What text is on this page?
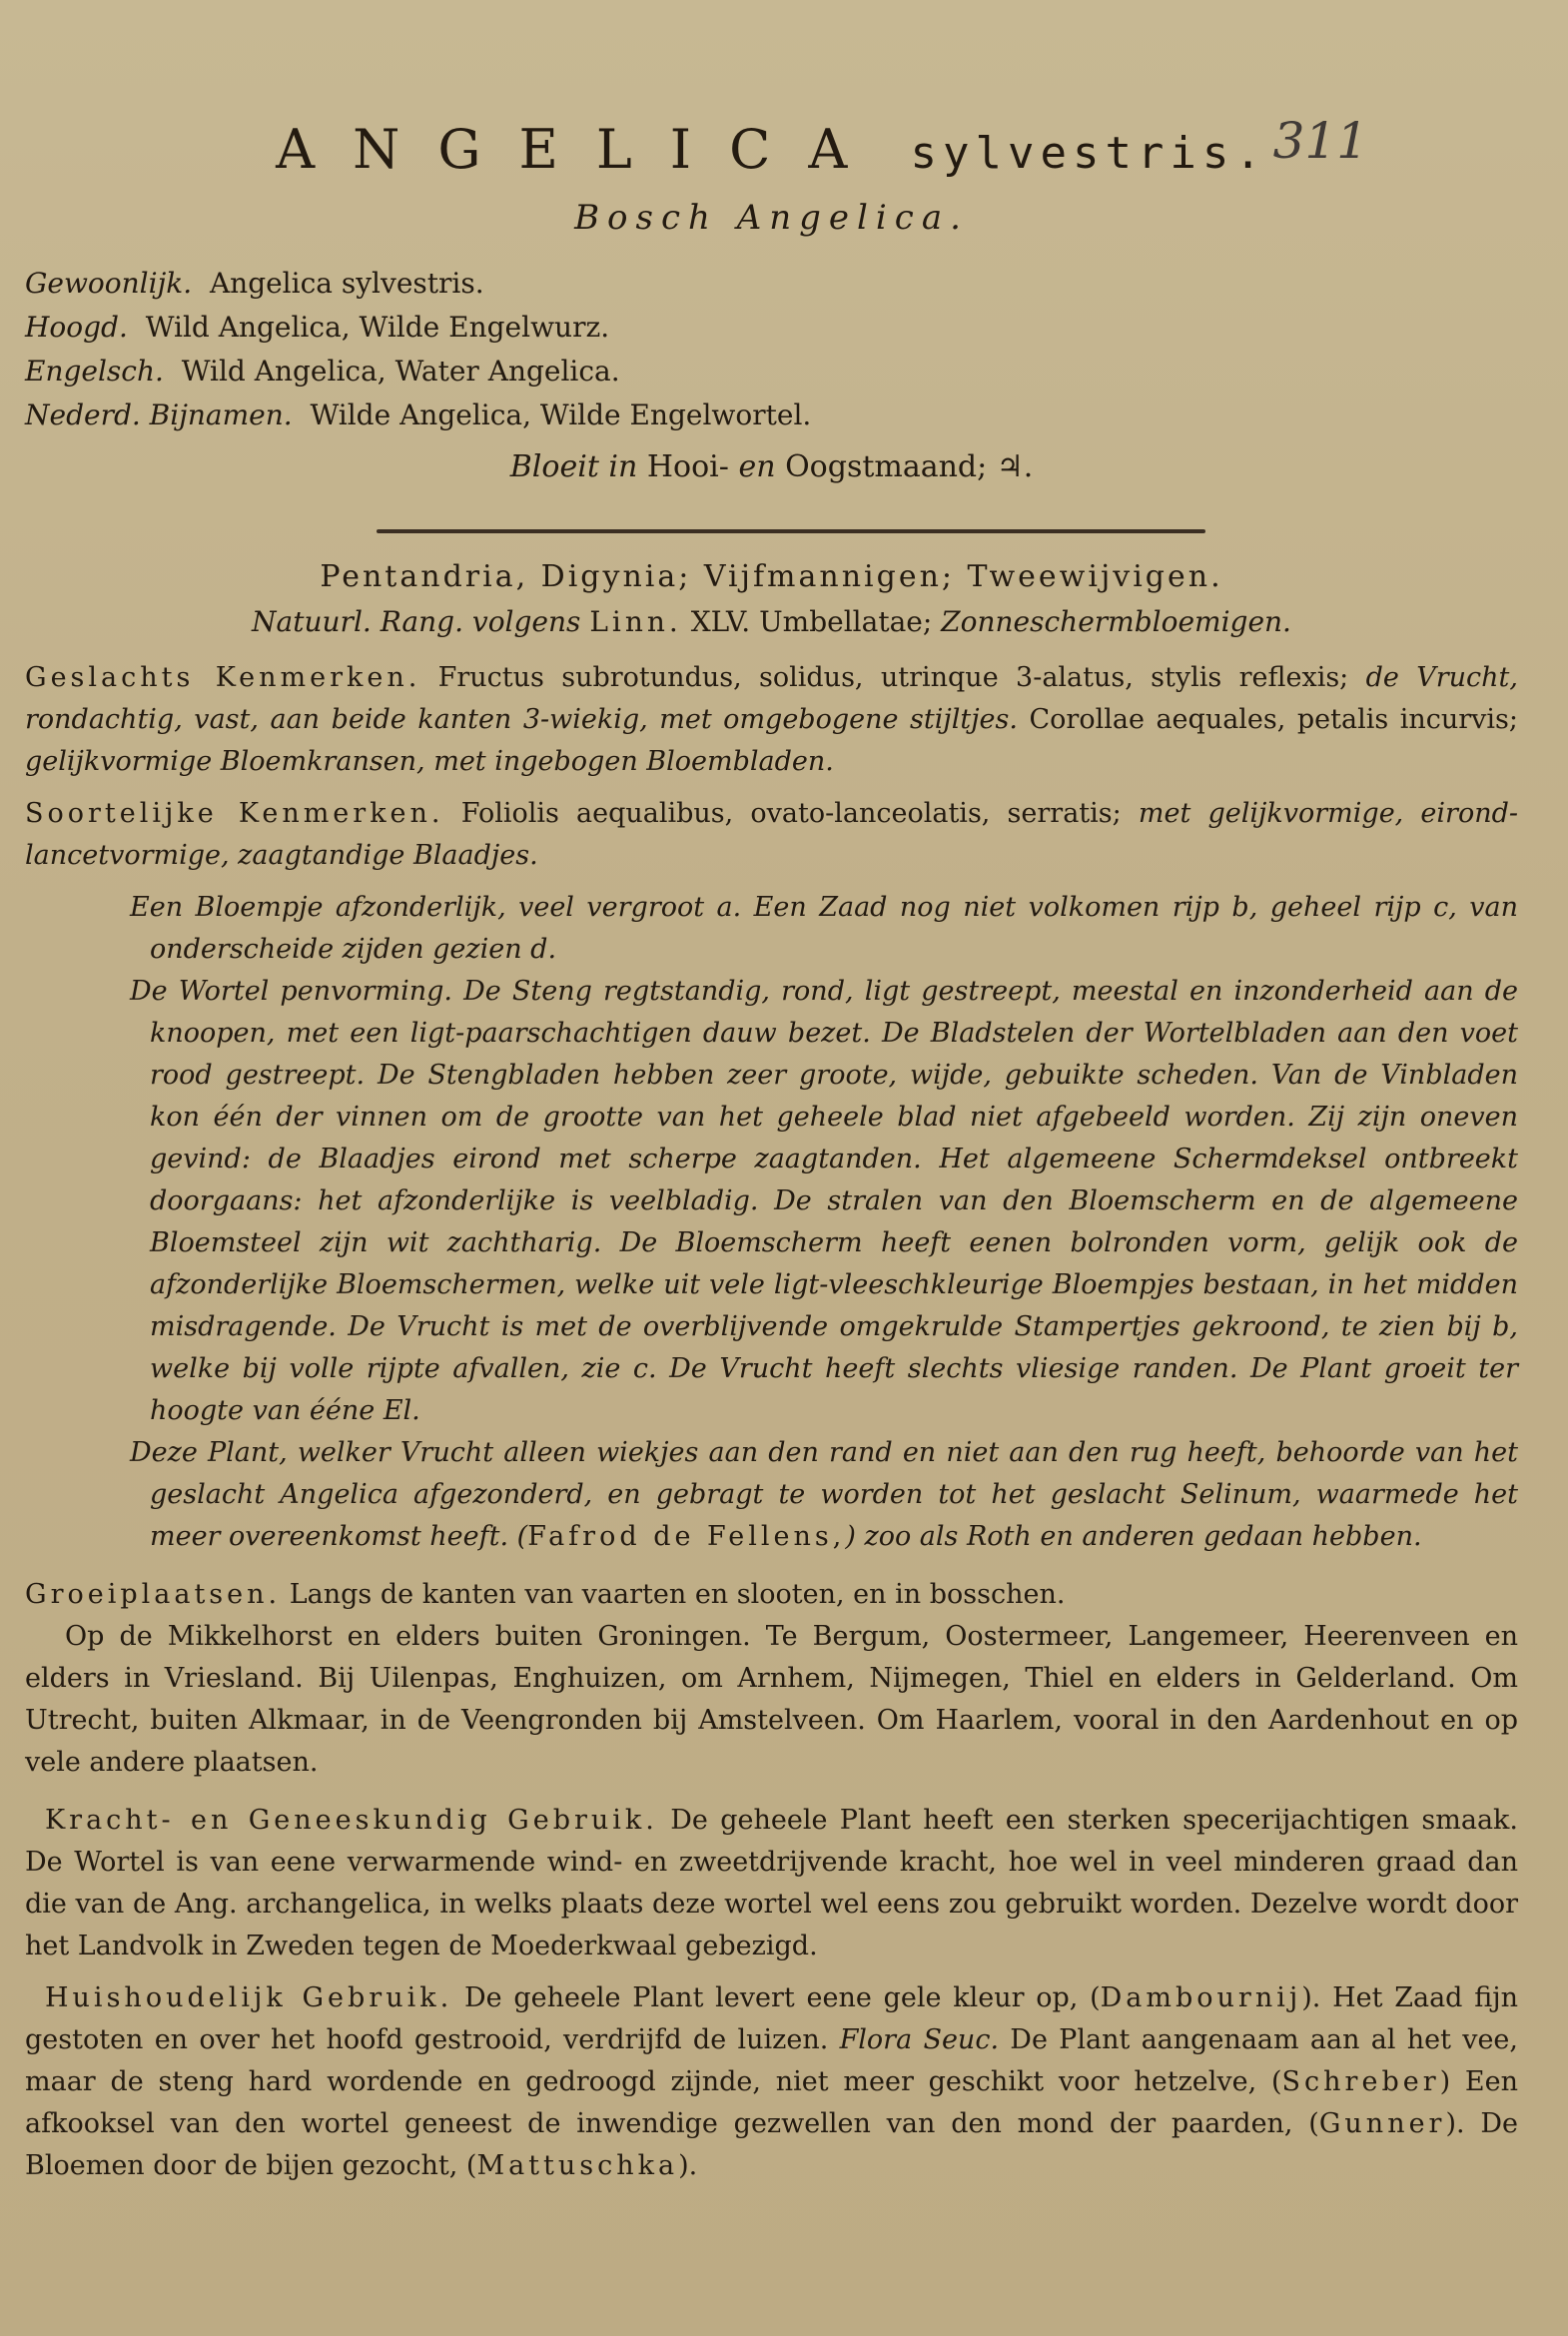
ANGELICA sylvestris. 311
Bosch Angelica.
Gewoonlijk. Angelica sylvestris.
Hoogd. Wild Angelica, Wilde Engelwurz.
Engelsch. Wild Angelica, Water Angelica.
Nederd. Bijnamen. Wilde Angelica, Wilde Engelwortel.
Bloeit in Hooi- en Oogstmaand; ♃.
Pentandria, Digynia; Vijfmannigen; Tweewijvigen.
Natuurl. Rang. volgens Linn. XLV. Umbellatae; Zonneschermbloemigen.

Geslachts Kenmerken. Fructus subrotundus, solidus, utrinque 3-alatus, stylis reflexis; de Vrucht, rondachtig, vast, aan beide kanten 3-wiekig, met omgebogene stijltjes. Corollae aequales, petalis incurvis; gelijkvormige Bloemkransen, met ingebogen Bloembladen.

Soortelijke Kenmerken. Foliolis aequalibus, ovato-lanceolatis, serratis; met gelijkvormige, eirond-lancetvormige, zaagtandige Blaadjes.

Een Bloempje afzonderlijk, veel vergroot a. Een Zaad nog niet volkomen rijp b, geheel rijp c, van onderscheide zijden gezien d.

De Wortel penvorming. De Steng regtstandig, rond, ligt gestreept, meestal en inzonderheid aan de knoopen, met een ligt-paarschachtigen dauw bezet. De Bladstelen der Wortelbladen aan den voet rood gestreept. De Stengbladen hebben zeer groote, wijde, gebuikte scheden. Van de Vinbladen kon één der vinnen om de grootte van het geheele blad niet afgebeeld worden. Zij zijn oneven gevind: de Blaadjes eirond met scherpe zaagtanden. Het algemeene Schermdeksel ontbreekt doorgaans: het afzonderlijke is veelbladig. De stralen van den Bloemscherm en de algemeene Bloemsteel zijn wit zachtharig. De Bloemscherm heeft eenen bolronden vorm, gelijk ook de afzonderlijke Bloemschermen, welke uit vele ligt-vleeschkleurige Bloempjes bestaan, in het midden misdragende. De Vrucht is met de overblijvende omgekrulde Stampertjes gekroond, te zien bij b, welke bij volle rijpte afvallen, zie c. De Vrucht heeft slechts vliesige randen. De Plant groeit ter hoogte van ééne El.

Deze Plant, welker Vrucht alleen wiekjes aan den rand en niet aan den rug heeft, behoorde van het geslacht Angelica afgezonderd, en gebragt te worden tot het geslacht Selinum, waarmede het meer overeenkomst heeft. (Fafrod de Fellens,) zoo als Roth en anderen gedaan hebben.

Groeiplaatsen. Langs de kanten van vaarten en slooten, en in bosschen.

Op de Mikkelhorst en elders buiten Groningen. Te Bergum, Oostermeer, Langemeer, Heerenveen en elders in Vriesland. Bij Uilenpas, Enghuizen, om Arnhem, Nijmegen, Thiel en elders in Gelderland. Om Utrecht, buiten Alkmaar, in de Veengronden bij Amstelveen. Om Haarlem, vooral in den Aardenhout en op vele andere plaatsen.

Kracht- en Geneeskundig Gebruik. De geheele Plant heeft een sterken specerijachtigen smaak. De Wortel is van eene verwarmende wind- en zweetdrijvende kracht, hoe wel in veel minderen graad dan die van de Ang. archangelica, in welks plaats deze wortel wel eens zou gebruikt worden. Dezelve wordt door het Landvolk in Zweden tegen de Moederkwaal gebezigd.

Huishoudelijk Gebruik. De geheele Plant levert eene gele kleur op, (Dambournij). Het Zaad fijn gestoten en over het hoofd gestrooid, verdrijfd de luizen. Flora Seuc. De Plant aangenaam aan al het vee, maar de steng hard wordende en gedroogd zijnde, niet meer geschikt voor hetzelve, (Schreber) Een afkooksel van den wortel geneest de inwendige gezwellen van den mond der paarden, (Gunner). De Bloemen door de bijen gezocht, (Mattuschka).
